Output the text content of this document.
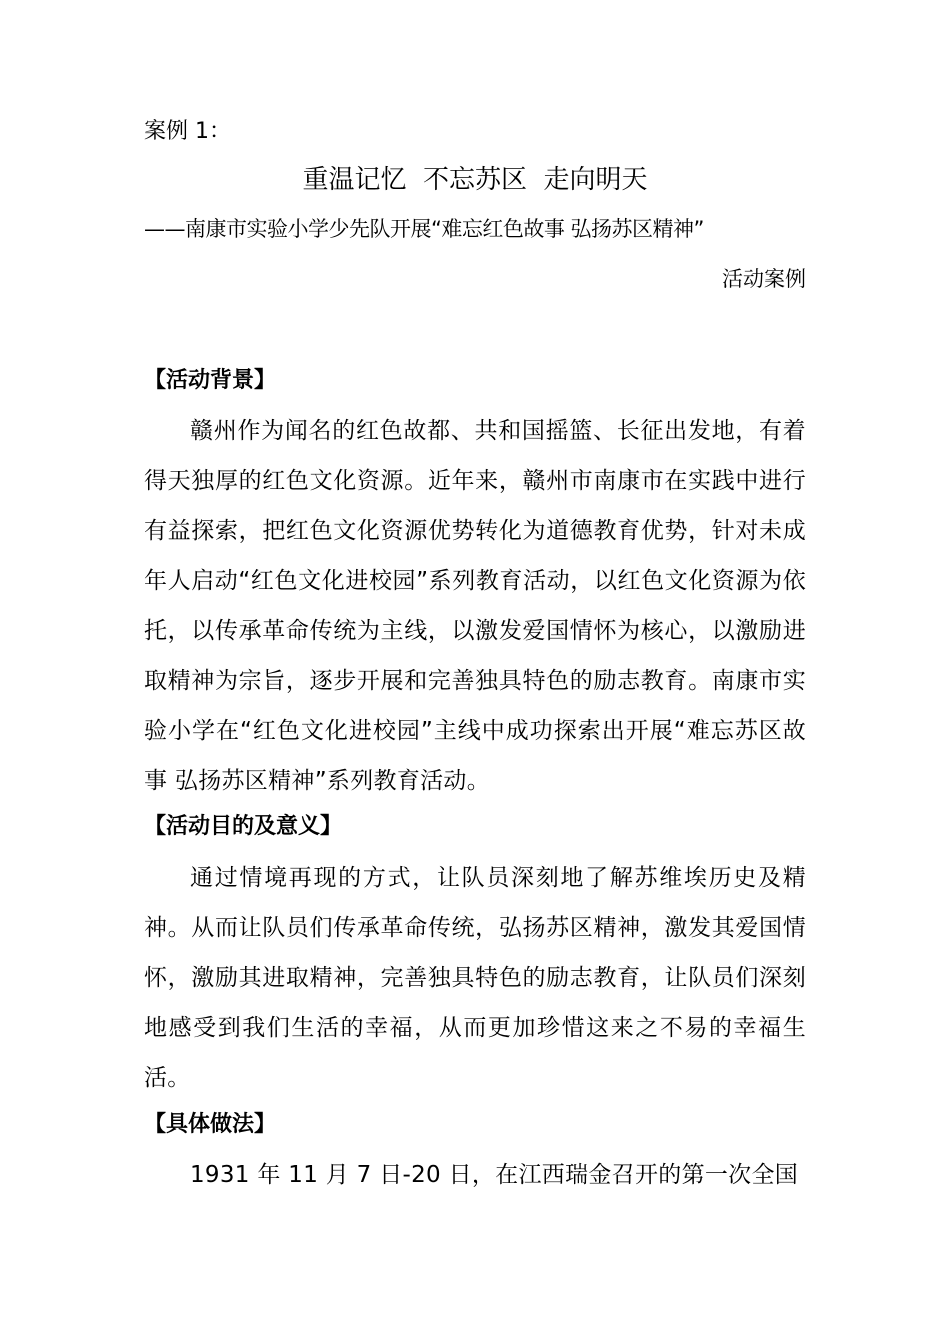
案例 1：
重温记忆  不忘苏区  走向明天
——南康市实验小学少先队开展“难忘红色故事 弘扬苏区精神”
活动案例
【活动背景】
赣州作为闻名的红色故都、共和国摇篮、长征出发地，有着得天独厚的红色文化资源。近年来，赣州市南康市在实践中进行有益探索，把红色文化资源优势转化为道德教育优势，针对未成年人启动“红色文化进校园”系列教育活动，以红色文化资源为依托，以传承革命传统为主线，以激发爱国情怀为核心，以激励进取精神为宗旨，逐步开展和完善独具特色的励志教育。南康市实验小学在“红色文化进校园”主线中成功探索出开展“难忘苏区故事 弘扬苏区精神”系列教育活动。
【活动目的及意义】
通过情境再现的方式，让队员深刻地了解苏维埃历史及精神。从而让队员们传承革命传统，弘扬苏区精神，激发其爱国情怀，激励其进取精神，完善独具特色的励志教育，让队员们深刻地感受到我们生活的幸福，从而更加珍惜这来之不易的幸福生活。
【具体做法】
1931 年 11 月 7 日-20 日，在江西瑞金召开的第一次全国
